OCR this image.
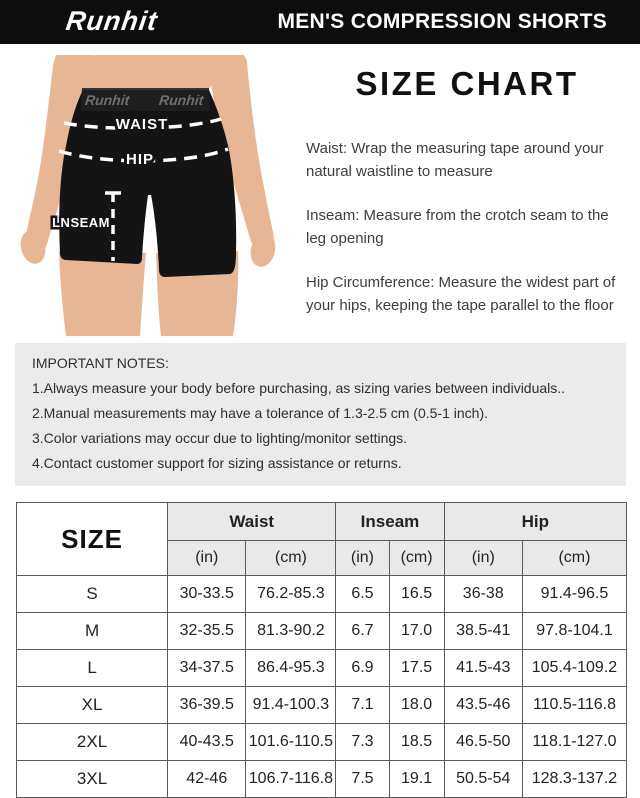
Runhit	MEN'S COMPRESSION SHORTS
Runhit Runhit
WAIST
HIP
LNSEAM
SIZE CHART

Waist: Wrap the measuring tape around your natural waistline to measure

Inseam: Measure from the crotch seam to the leg opening

Hip Circumference: Measure the widest part of your hips, keeping the tape parallel to the floor

IMPORTANT NOTES:

1.Always measure your body before purchasing, as sizing varies between individuals..

2.Manual measurements may have a tolerance of 1.3-2.5 cm (0.5-1 inch).

3.Color variations may occur due to lighting/monitor settings.

4.Contact customer support for sizing assistance or returns.

SIZE	Waist		Inseam		Hip	
	(in)	(cm)	(in)	(cm)	(in)	(cm)
S	30-33.5	76.2-85.3	6.5	16.5	36-38	91.4-96.5
M	32-35.5	81.3-90.2	6.7	17.0	38.5-41	97.8-104.1
L	34-37.5	86.4-95.3	6.9	17.5	41.5-43	105.4-109.2
XL	36-39.5	91.4-100.3	7.1	18.0	43.5-46	110.5-116.8
2XL	40-43.5	101.6-110.5	7.3	18.5	46.5-50	118.1-127.0
3XL	42-46	106.7-116.8	7.5	19.1	50.5-54	128.3-137.2
